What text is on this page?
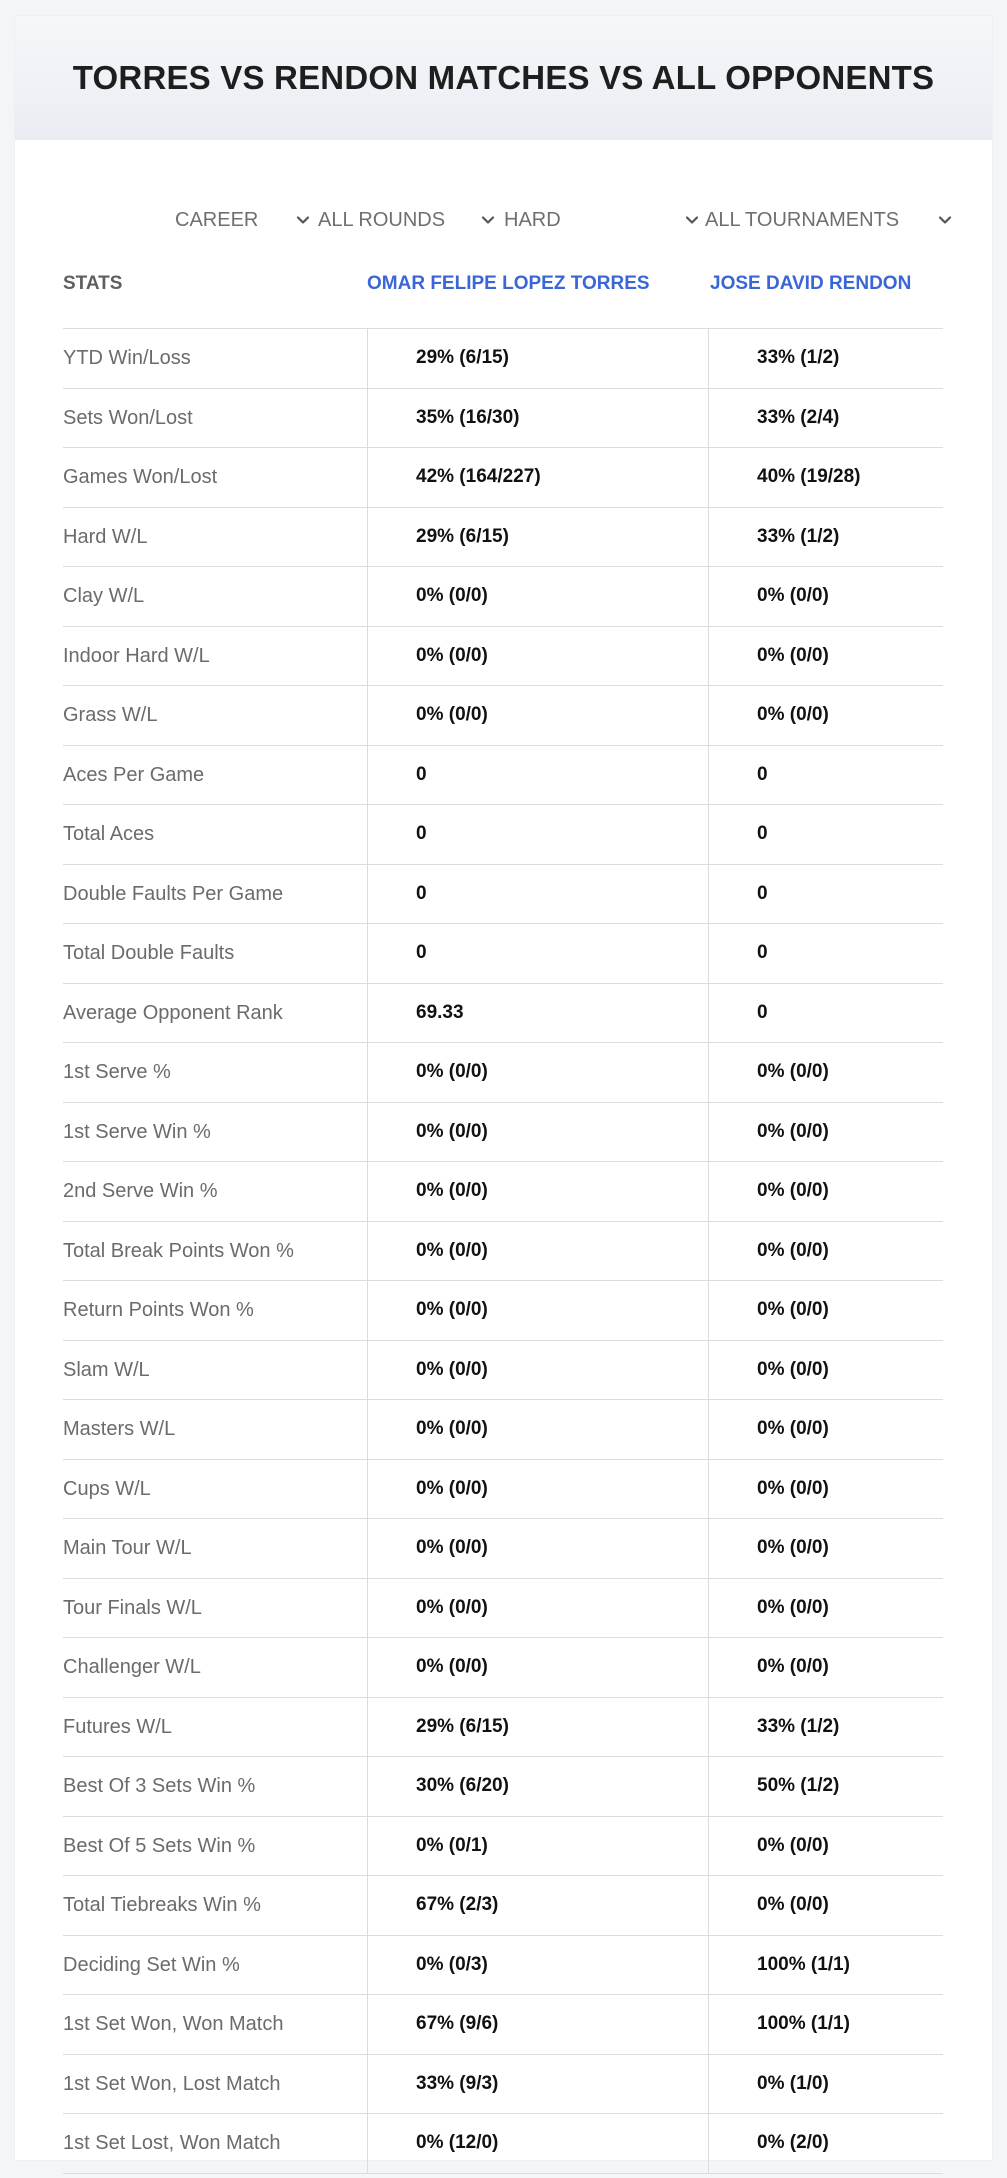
TORRES VS RENDON MATCHES VS ALL OPPONENTS
CAREER	ALL ROUNDS	HARD	ALL TOURNAMENTS
STATS	OMAR FELIPE LOPEZ TORRES	JOSE DAVID RENDON
YTD Win/Loss	29% (6/15)	33% (1/2)
Sets Won/Lost	35% (16/30)	33% (2/4)
Games Won/Lost	42% (164/227)	40% (19/28)
Hard W/L	29% (6/15)	33% (1/2)
Clay W/L	0% (0/0)	0% (0/0)
Indoor Hard W/L	0% (0/0)	0% (0/0)
Grass W/L	0% (0/0)	0% (0/0)
Aces Per Game	0	0
Total Aces	0	0
Double Faults Per Game	0	0
Total Double Faults	0	0
Average Opponent Rank	69.33	0
1st Serve %	0% (0/0)	0% (0/0)
1st Serve Win %	0% (0/0)	0% (0/0)
2nd Serve Win %	0% (0/0)	0% (0/0)
Total Break Points Won %	0% (0/0)	0% (0/0)
Return Points Won %	0% (0/0)	0% (0/0)
Slam W/L	0% (0/0)	0% (0/0)
Masters W/L	0% (0/0)	0% (0/0)
Cups W/L	0% (0/0)	0% (0/0)
Main Tour W/L	0% (0/0)	0% (0/0)
Tour Finals W/L	0% (0/0)	0% (0/0)
Challenger W/L	0% (0/0)	0% (0/0)
Futures W/L	29% (6/15)	33% (1/2)
Best Of 3 Sets Win %	30% (6/20)	50% (1/2)
Best Of 5 Sets Win %	0% (0/1)	0% (0/0)
Total Tiebreaks Win %	67% (2/3)	0% (0/0)
Deciding Set Win %	0% (0/3)	100% (1/1)
1st Set Won, Won Match	67% (9/6)	100% (1/1)
1st Set Won, Lost Match	33% (9/3)	0% (1/0)
1st Set Lost, Won Match	0% (12/0)	0% (2/0)
